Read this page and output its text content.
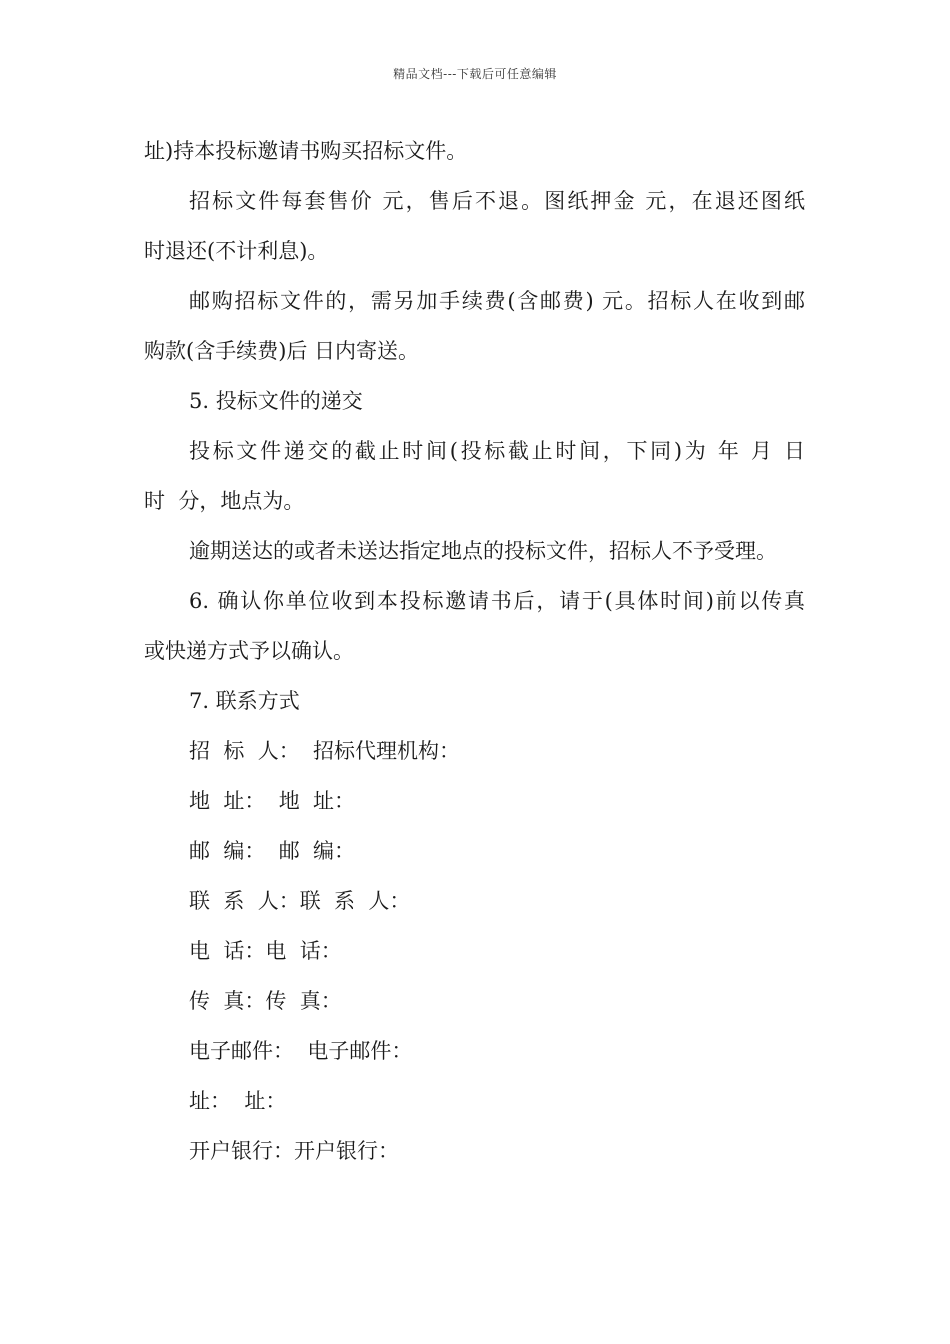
精品文档---下载后可任意编辑
址)持本投标邀请书购买招标文件。
招标文件每套售价 元，售后不退。图纸押金 元，在退还图纸
时退还(不计利息)。
邮购招标文件的，需另加手续费(含邮费) 元。招标人在收到邮
购款(含手续费)后 日内寄送。
5. 投标文件的递交
投标文件递交的截止时间(投标截止时间，下同)为 年 月 日
时  分，地点为。
逾期送达的或者未送达指定地点的投标文件，招标人不予受理。
6. 确认你单位收到本投标邀请书后，请于(具体时间)前以传真
或快递方式予以确认。
7. 联系方式
招  标  人：  招标代理机构：
地  址：  地  址：
邮  编：  邮  编：
联  系  人：联  系  人：
电  话：电  话：
传  真：传  真：
电子邮件：  电子邮件：
址：  址：
开户银行：开户银行：
